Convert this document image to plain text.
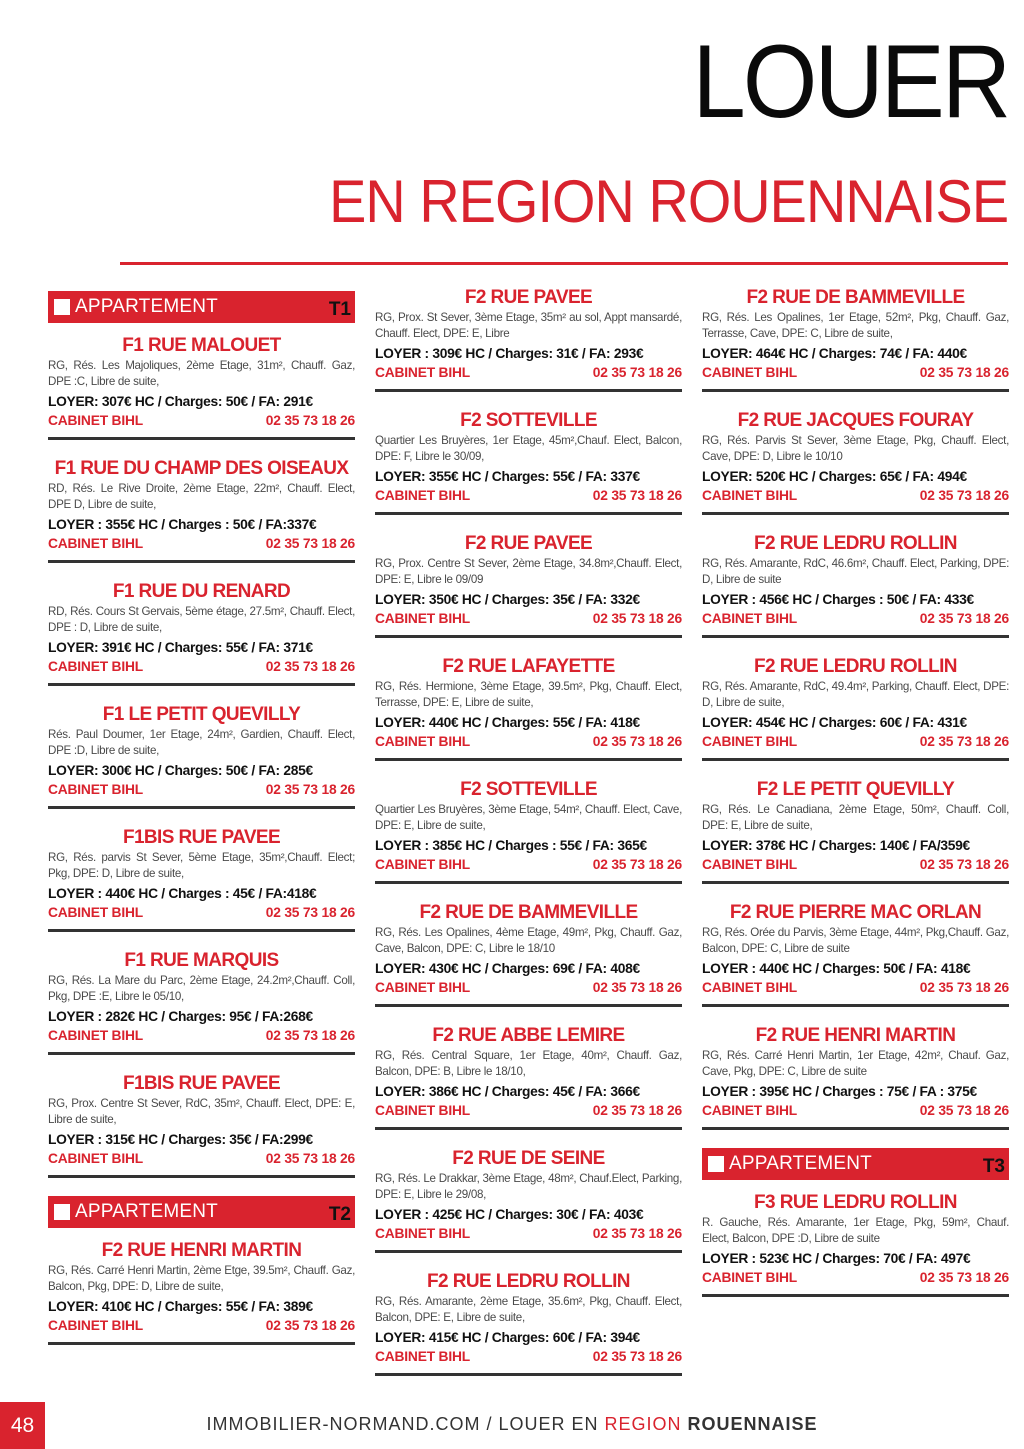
LOUER
EN REGION ROUENNAISE
APPARTEMENT	T1
F1 RUE MALOUET
RG, Rés. Les Majoliques, 2ème Etage, 31m², Chauff. Gaz, DPE :C, Libre de suite,
LOYER: 307€ HC / Charges: 50€ / FA: 291€
CABINET BIHL	02 35 73 18 26
F1 RUE DU CHAMP DES OISEAUX
RD, Rés. Le Rive Droite, 2ème Etage, 22m², Chauff. Elect, DPE D, Libre de suite,
LOYER : 355€ HC / Charges : 50€ / FA:337€
CABINET BIHL	02 35 73 18 26
F1 RUE DU RENARD
RD, Rés. Cours St Gervais, 5ème étage, 27.5m², Chauff. Elect, DPE : D, Libre de suite,
LOYER: 391€ HC / Charges: 55€ / FA: 371€
CABINET BIHL	02 35 73 18 26
F1 LE PETIT QUEVILLY
Rés. Paul Doumer, 1er Etage, 24m², Gardien, Chauff. Elect, DPE :D, Libre de suite,
LOYER: 300€ HC / Charges: 50€ / FA: 285€
CABINET BIHL	02 35 73 18 26
F1BIS RUE PAVEE
RG, Rés. parvis St Sever, 5ème Etage, 35m²,Chauff. Elect; Pkg, DPE: D, Libre de suite,
LOYER : 440€ HC / Charges : 45€ / FA:418€
CABINET BIHL	02 35 73 18 26
F1 RUE MARQUIS
RG, Rés. La Mare du Parc, 2ème Etage, 24.2m²,Chauff. Coll, Pkg, DPE :E, Libre le 05/10,
LOYER : 282€ HC / Charges: 95€ / FA:268€
CABINET BIHL	02 35 73 18 26
F1BIS RUE PAVEE
RG, Prox. Centre St Sever, RdC, 35m², Chauff. Elect, DPE: E, Libre de suite,
LOYER : 315€ HC / Charges: 35€ / FA:299€
CABINET BIHL	02 35 73 18 26
APPARTEMENT	T2
F2 RUE HENRI MARTIN
RG, Rés. Carré Henri Martin, 2ème Etge, 39.5m², Chauff. Gaz, Balcon, Pkg, DPE: D, Libre de suite,
LOYER: 410€ HC / Charges: 55€ / FA: 389€
CABINET BIHL	02 35 73 18 26
F2 RUE PAVEE
RG, Prox. St Sever, 3ème Etage, 35m² au sol, Appt mansardé, Chauff. Elect, DPE: E, Libre
LOYER : 309€ HC / Charges: 31€ / FA: 293€
CABINET BIHL	02 35 73 18 26
F2 SOTTEVILLE
Quartier Les Bruyères, 1er Etage, 45m²,Chauf. Elect, Balcon, DPE: F, Libre le 30/09,
LOYER: 355€ HC / Charges: 55€ / FA: 337€
CABINET BIHL	02 35 73 18 26
F2 RUE PAVEE
RG, Prox. Centre St Sever, 2ème Etage, 34.8m²,Chauff. Elect, DPE: E, Libre le 09/09
LOYER: 350€ HC / Charges: 35€ / FA: 332€
CABINET BIHL	02 35 73 18 26
F2 RUE LAFAYETTE
RG, Rés. Hermione, 3ème Etage, 39.5m², Pkg, Chauff. Elect, Terrasse, DPE: E, Libre de suite,
LOYER: 440€ HC / Charges: 55€ / FA: 418€
CABINET BIHL	02 35 73 18 26
F2 SOTTEVILLE
Quartier Les Bruyères, 3ème Etage, 54m², Chauff. Elect, Cave, DPE: E, Libre de suite,
LOYER : 385€ HC / Charges : 55€ / FA: 365€
CABINET BIHL	02 35 73 18 26
F2 RUE DE BAMMEVILLE
RG, Rés. Les Opalines, 4ème Etage, 49m², Pkg, Chauff. Gaz, Cave, Balcon, DPE: C, Libre le 18/10
LOYER: 430€ HC / Charges: 69€ / FA: 408€
CABINET BIHL	02 35 73 18 26
F2 RUE ABBE LEMIRE
RG, Rés. Central Square, 1er Etage, 40m², Chauff. Gaz, Balcon, DPE: B, Libre le 18/10,
LOYER: 386€ HC / Charges: 45€ / FA: 366€
CABINET BIHL	02 35 73 18 26
F2 RUE DE SEINE
RG, Rés. Le Drakkar, 3ème Etage, 48m², Chauf.Elect, Parking, DPE: E, Libre le 29/08,
LOYER : 425€ HC / Charges: 30€ / FA: 403€
CABINET BIHL	02 35 73 18 26
F2 RUE LEDRU ROLLIN
RG, Rés. Amarante, 2ème Etage, 35.6m², Pkg, Chauff. Elect, Balcon, DPE: E, Libre de suite,
LOYER: 415€ HC / Charges: 60€ / FA: 394€
CABINET BIHL	02 35 73 18 26
F2 RUE DE BAMMEVILLE
RG, Rés. Les Opalines, 1er Etage, 52m², Pkg, Chauff. Gaz, Terrasse, Cave, DPE: C, Libre de suite,
LOYER: 464€ HC / Charges: 74€ / FA: 440€
CABINET BIHL	02 35 73 18 26
F2 RUE JACQUES FOURAY
RG, Rés. Parvis St Sever, 3ème Etage, Pkg, Chauff. Elect, Cave, DPE: D, Libre le 10/10
LOYER: 520€ HC / Charges: 65€ / FA: 494€
CABINET BIHL	02 35 73 18 26
F2 RUE LEDRU ROLLIN
RG, Rés. Amarante, RdC, 46.6m², Chauff. Elect, Parking, DPE: D, Libre de suite
LOYER : 456€ HC / Charges : 50€ / FA: 433€
CABINET BIHL	02 35 73 18 26
F2 RUE LEDRU ROLLIN
RG, Rés. Amarante, RdC, 49.4m², Parking, Chauff. Elect, DPE: D, Libre de suite,
LOYER: 454€ HC / Charges: 60€ / FA: 431€
CABINET BIHL	02 35 73 18 26
F2 LE PETIT QUEVILLY
RG, Rés. Le Canadiana, 2ème Etage, 50m², Chauff. Coll, DPE: E, Libre de suite,
LOYER: 378€ HC / Charges: 140€ / FA/359€
CABINET BIHL	02 35 73 18 26
F2 RUE PIERRE MAC ORLAN
RG, Rés. Orée du Parvis, 3ème Etage, 44m², Pkg,Chauff. Gaz, Balcon, DPE: C, Libre de suite
LOYER : 440€ HC / Charges: 50€ / FA: 418€
CABINET BIHL	02 35 73 18 26
F2 RUE HENRI MARTIN
RG, Rés. Carré Henri Martin, 1er Etage, 42m², Chauf. Gaz, Cave, Pkg, DPE: C, Libre de suite
LOYER : 395€ HC / Charges : 75€ / FA : 375€
CABINET BIHL	02 35 73 18 26
APPARTEMENT	T3
F3 RUE LEDRU ROLLIN
R. Gauche, Rés. Amarante, 1er Etage, Pkg, 59m², Chauf. Elect, Balcon, DPE :D, Libre de suite
LOYER : 523€ HC / Charges: 70€ / FA: 497€
CABINET BIHL	02 35 73 18 26
48	IMMOBILIER-NORMAND.COM / LOUER EN REGION ROUENNAISE
